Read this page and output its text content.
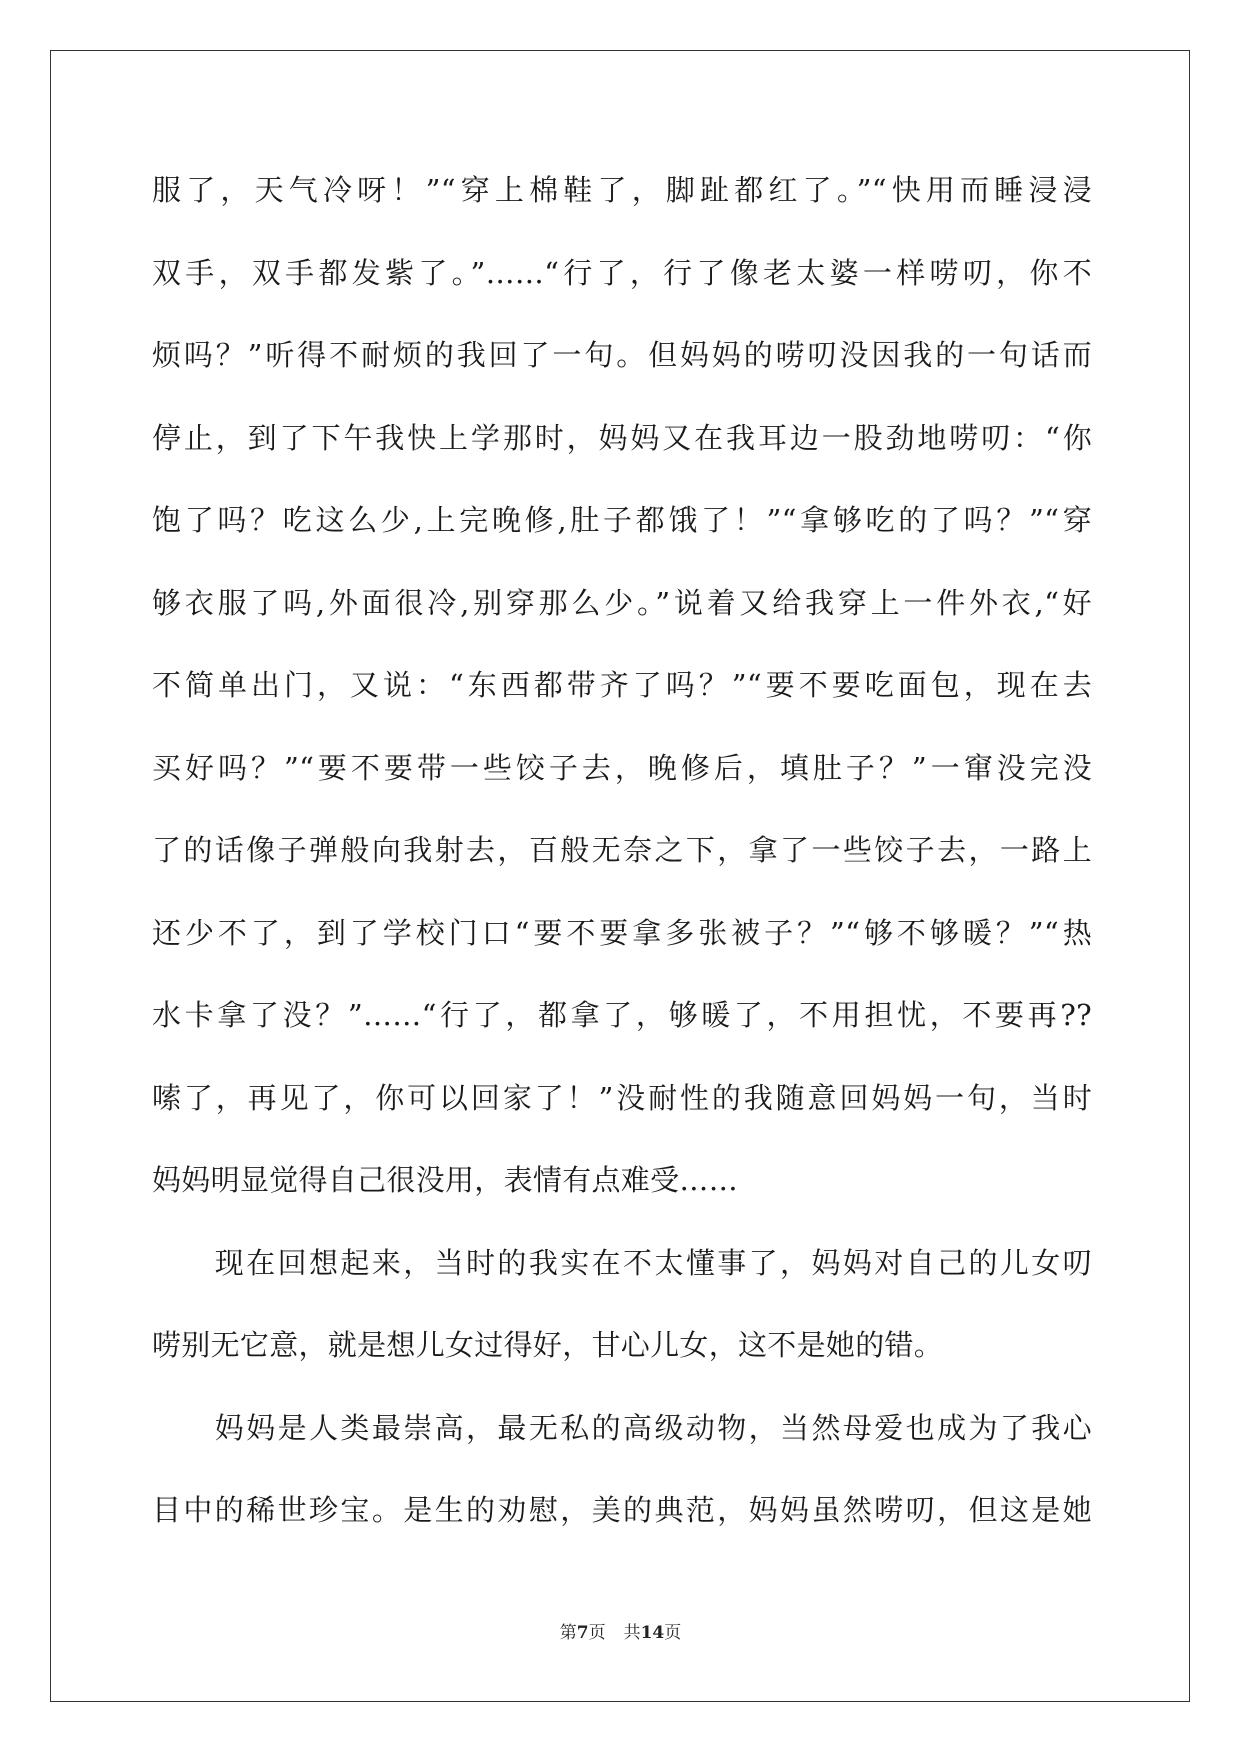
服了，天气冷呀！”“穿上棉鞋了，脚趾都红了。”“快用而睡浸浸
双手，双手都发紫了。”……“行了，行了像老太婆一样唠叨，你不
烦吗？”听得不耐烦的我回了一句。但妈妈的唠叨没因我的一句话而
停止，到了下午我快上学那时，妈妈又在我耳边一股劲地唠叨：“你
饱了吗？吃这么少,上完晚修,肚子都饿了！”“拿够吃的了吗？”“穿
够衣服了吗,外面很冷,别穿那么少。”说着又给我穿上一件外衣,“好
不简单出门，又说：“东西都带齐了吗？”“要不要吃面包，现在去
买好吗？”“要不要带一些饺子去，晚修后，填肚子？”一窜没完没
了的话像子弹般向我射去，百般无奈之下，拿了一些饺子去，一路上
还少不了，到了学校门口“要不要拿多张被子？”“够不够暖？”“热
水卡拿了没？”……“行了，都拿了，够暖了，不用担忧，不要再??
嗦了，再见了，你可以回家了！”没耐性的我随意回妈妈一句，当时
妈妈明显觉得自己很没用，表情有点难受……
　　现在回想起来，当时的我实在不太懂事了，妈妈对自己的儿女叨
唠别无它意，就是想儿女过得好，甘心儿女，这不是她的错。
　　妈妈是人类最崇高，最无私的高级动物，当然母爱也成为了我心
目中的稀世珍宝。是生的劝慰，美的典范，妈妈虽然唠叨，但这是她
第7页 共14页
